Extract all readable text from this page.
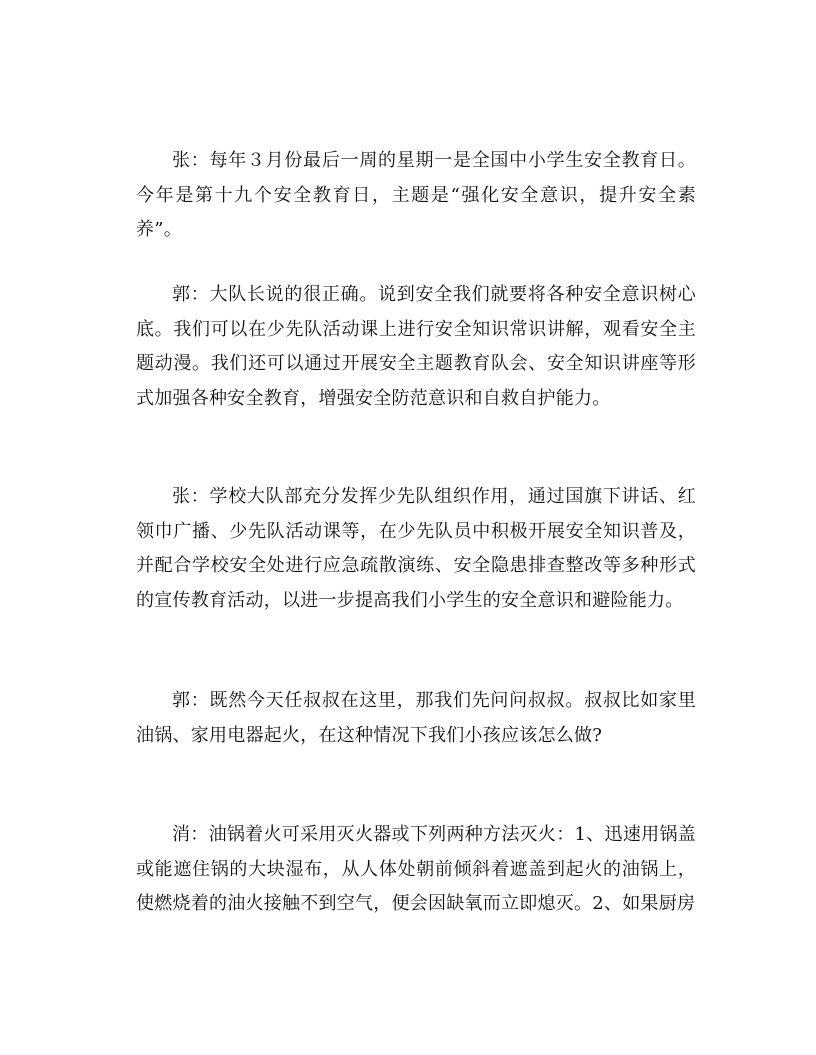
张：每年３月份最后一周的星期一是全国中小学生安全教育日。今年是第十九个安全教育日，主题是“强化安全意识，提升安全素养”。

郭：大队长说的很正确。说到安全我们就要将各种安全意识树心底。我们可以在少先队活动课上进行安全知识常识讲解，观看安全主题动漫。我们还可以通过开展安全主题教育队会、安全知识讲座等形式加强各种安全教育，增强安全防范意识和自救自护能力。

张：学校大队部充分发挥少先队组织作用，通过国旗下讲话、红领巾广播、少先队活动课等，在少先队员中积极开展安全知识普及，并配合学校安全处进行应急疏散演练、安全隐患排查整改等多种形式的宣传教育活动，以进一步提高我们小学生的安全意识和避险能力。

郭：既然今天任叔叔在这里，那我们先问问叔叔。叔叔比如家里油锅、家用电器起火，在这种情况下我们小孩应该怎么做?

消：油锅着火可采用灭火器或下列两种方法灭火：1、迅速用锅盖或能遮住锅的大块湿布，从人体处朝前倾斜着遮盖到起火的油锅上，使燃烧着的油火接触不到空气，便会因缺氧而立即熄灭。2、如果厨房
